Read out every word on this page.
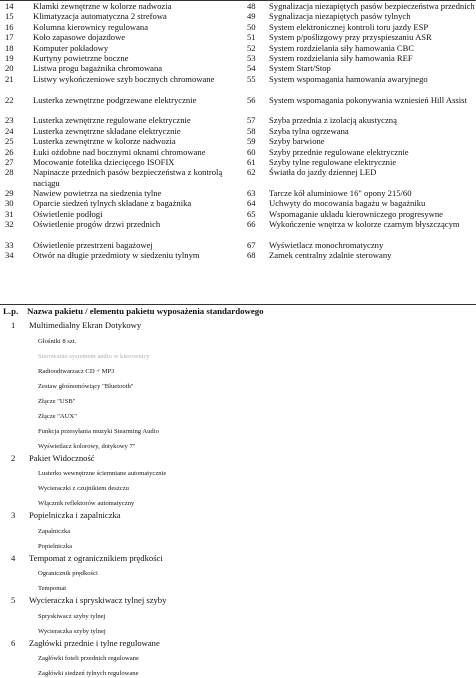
14	Klamki zewnętrzne w kolorze nadwozia
15	Klimatyzacja automatyczna 2 strefowa
16	Kolumna kierownicy regulowana
17	Koło zapasowe dojazdowe
18	Komputer pokładowy
19	Kurtyny powietrzne boczne
20	Listwa progu bagażnika chromowana
21	Listwy wykończeniowe szyb bocznych chromowane
22	Lusterka zewnętrzne podgrzewane elektrycznie
23	Lusterka zewnętrzne regulowane elektrycznie
24	Lusterka zewnętrzne składane elektrycznie
25	Lusterka zewnętrzne w kolorze nadwozia
26	Łuki ożdobne nad bocznymi oknami chromowane
27	Mocowanie fotelika dziecięcego ISOFIX
28	Napinacze przednich pasów bezpieczeństwa z kontrolą naciągu
29	Nawiew powietrza na siedzenia tylne
30	Oparcie siedzeń tylnych składane z bagażnika
31	Oświetlenie podłogi
32	Oświetlenie progów drzwi przednich
33	Oświetlenie przestrzeni bagażowej
34	Otwór na długie przedmioty w siedzeniu tylnym
48	Sygnalizacja niezapiętych pasów bezpieczeństwa przednich
49	Sygnalizacja niezapiętych pasów tylnych
50	System elektronicznej kontroli toru jazdy ESP
51	System p/poślizgowy przy przyspieszaniu ASR
52	System rozdzielania siły hamowania CBC
53	System rozdzielania siły hamowania REF
54	System Start/Stop
55	System wspomagania hamowania awaryjnego
56	System wspomagania pokonywania wzniesień Hill Assist
57	Szyba przednia z izolacją akustyczną
58	Szyba tylna ogrzewana
59	Szyby barwione
60	Szyby przednie regulowane elektrycznie
61	Szyby tylne regulowane elektrycznie
62	Światła do jazdy dziennej LED
63	Tarcze kół aluminiowe 16" opony 215/60
64	Uchwyty do mocowania bagażu w bagażniku
65	Wspomaganie układu kierowniczego progresywne
66	Wykończenie wnętrza w kolorze czarnym błyszczącym
67	Wyświetlacz monochromatyczny
68	Zamek centralny zdalnie sterowany
L.p.	Nazwa pakietu / elementu pakietu wyposażenia standardowego
1	Multimedialny Ekran Dotykowy
Głośniki 8 szt.
Sterowanie systemem audio w kierownicy
Radioodtwarzacz CD + MP3
Zestaw głośnomówiący "Bluetooth"
Złącze "USB"
Złącze "AUX"
Funkcja przesyłania muzyki Stearming Audio
Wyświetlacz kolorowy, dotykowy 7"
2	Pakiet Widoczność
Lusterko wewnętrzne ściemniane automatycznie
Wycieraczki z czujnikiem deszczu
Włącznik reflektorów automatyczny
3	Popielniczka i zapalniczka
Zapalniczka
Popielniczka
4	Tempomat z ogranicznikiem prędkości
Ogranicznik prędkości
Tempomat
5	Wycieraczka i spryskiwacz tylnej szyby
Spryskiwacz szyby tylnej
Wycieraczka szyby tylnej
6	Zagłówki przednie i tylne regulowane
Zagłówki foteli przednich regulowane
Zagłówki siedzeń tylnych regulowane
